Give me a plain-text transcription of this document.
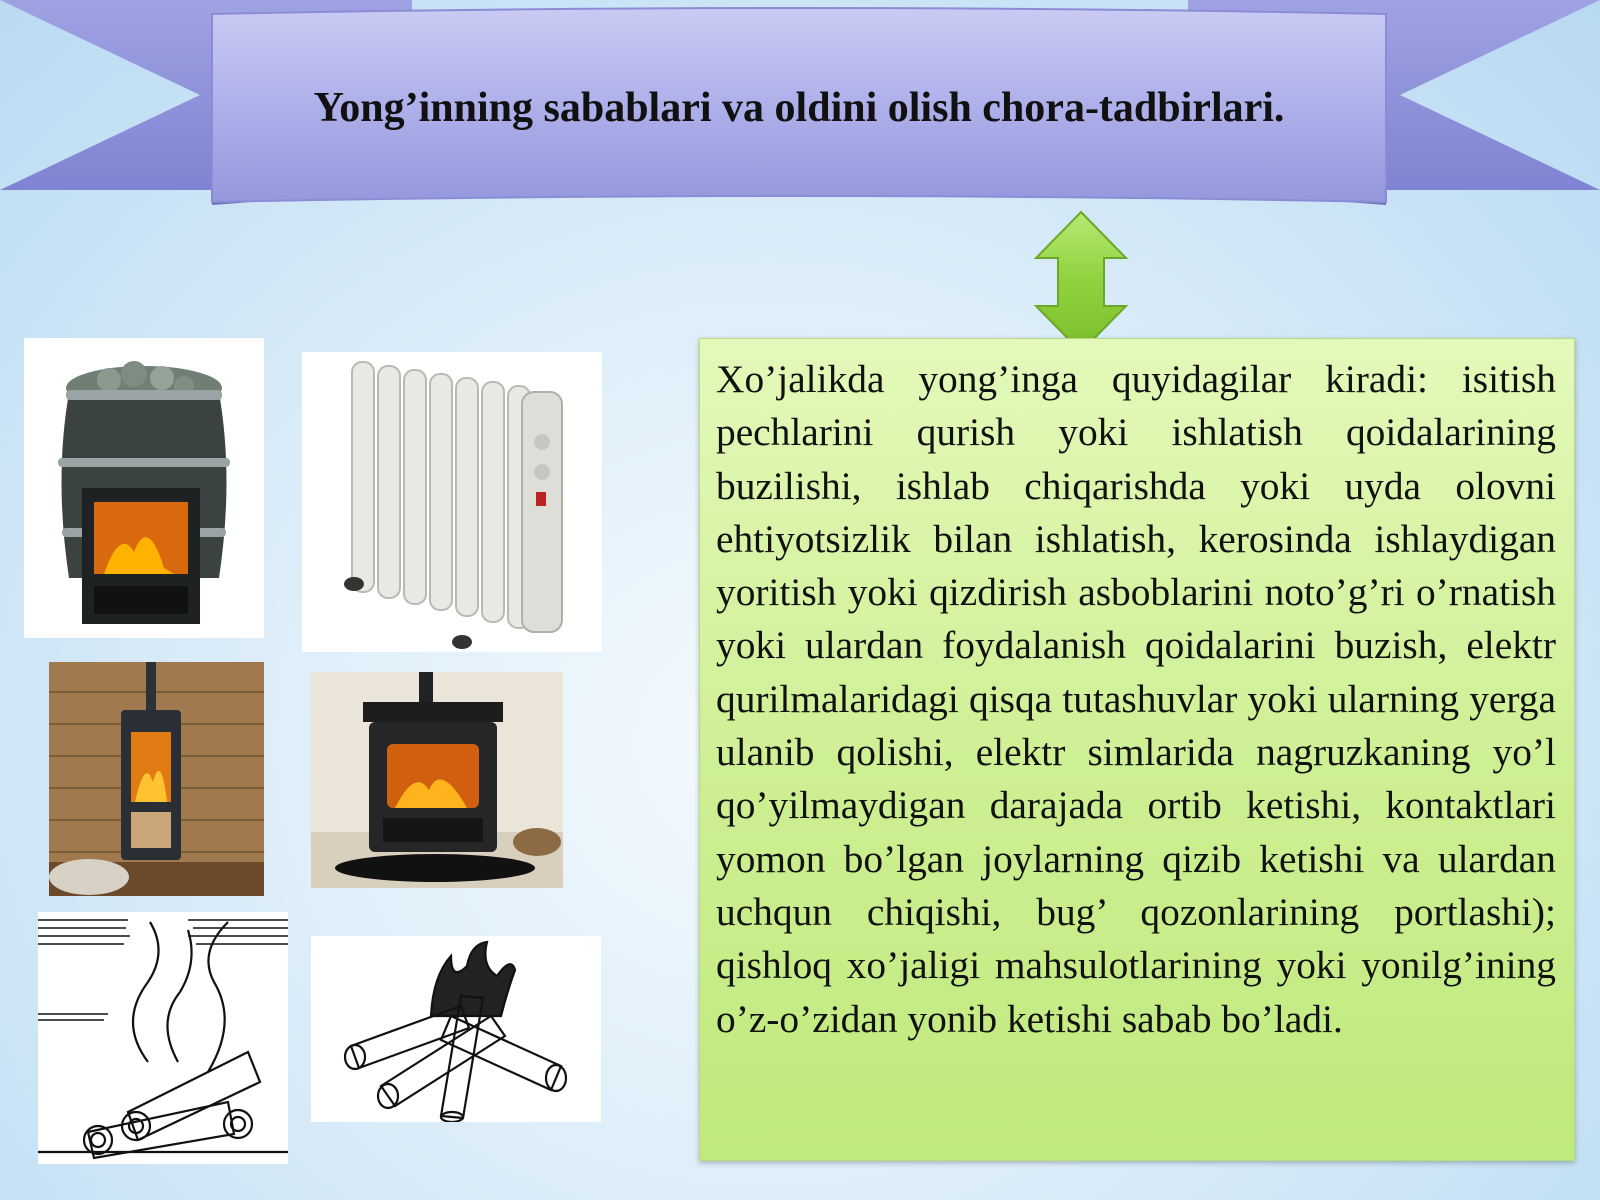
Yong’inning sabablari va oldini olish chora-tadbirlari.

Xo’jalikda yong’inga quyidagilar kiradi: isitish pechlarini qurish yoki ishlatish qoidalarining buzilishi, ishlab chiqarishda yoki uyda olovni ehtiyotsizlik bilan ishlatish, kerosinda ishlaydigan yoritish yoki qizdirish asboblarini noto’g’ri o’rnatish yoki ulardan foydalanish qoidalarini buzish, elektr qurilmalaridagi qisqa tutashuvlar yoki ularning yerga ulanib qolishi, elektr simlarida nagruzkaning yo’l qo’yilmaydigan darajada ortib ketishi, kontaktlari yomon bo’lgan joylarning qizib ketishi va ulardan uchqun chiqishi, bug’ qozonlarining portlashi); qishloq xo’jaligi mahsulotlarining yoki yonilg’ining o’z-o’zidan yonib ketishi sabab bo’ladi.
